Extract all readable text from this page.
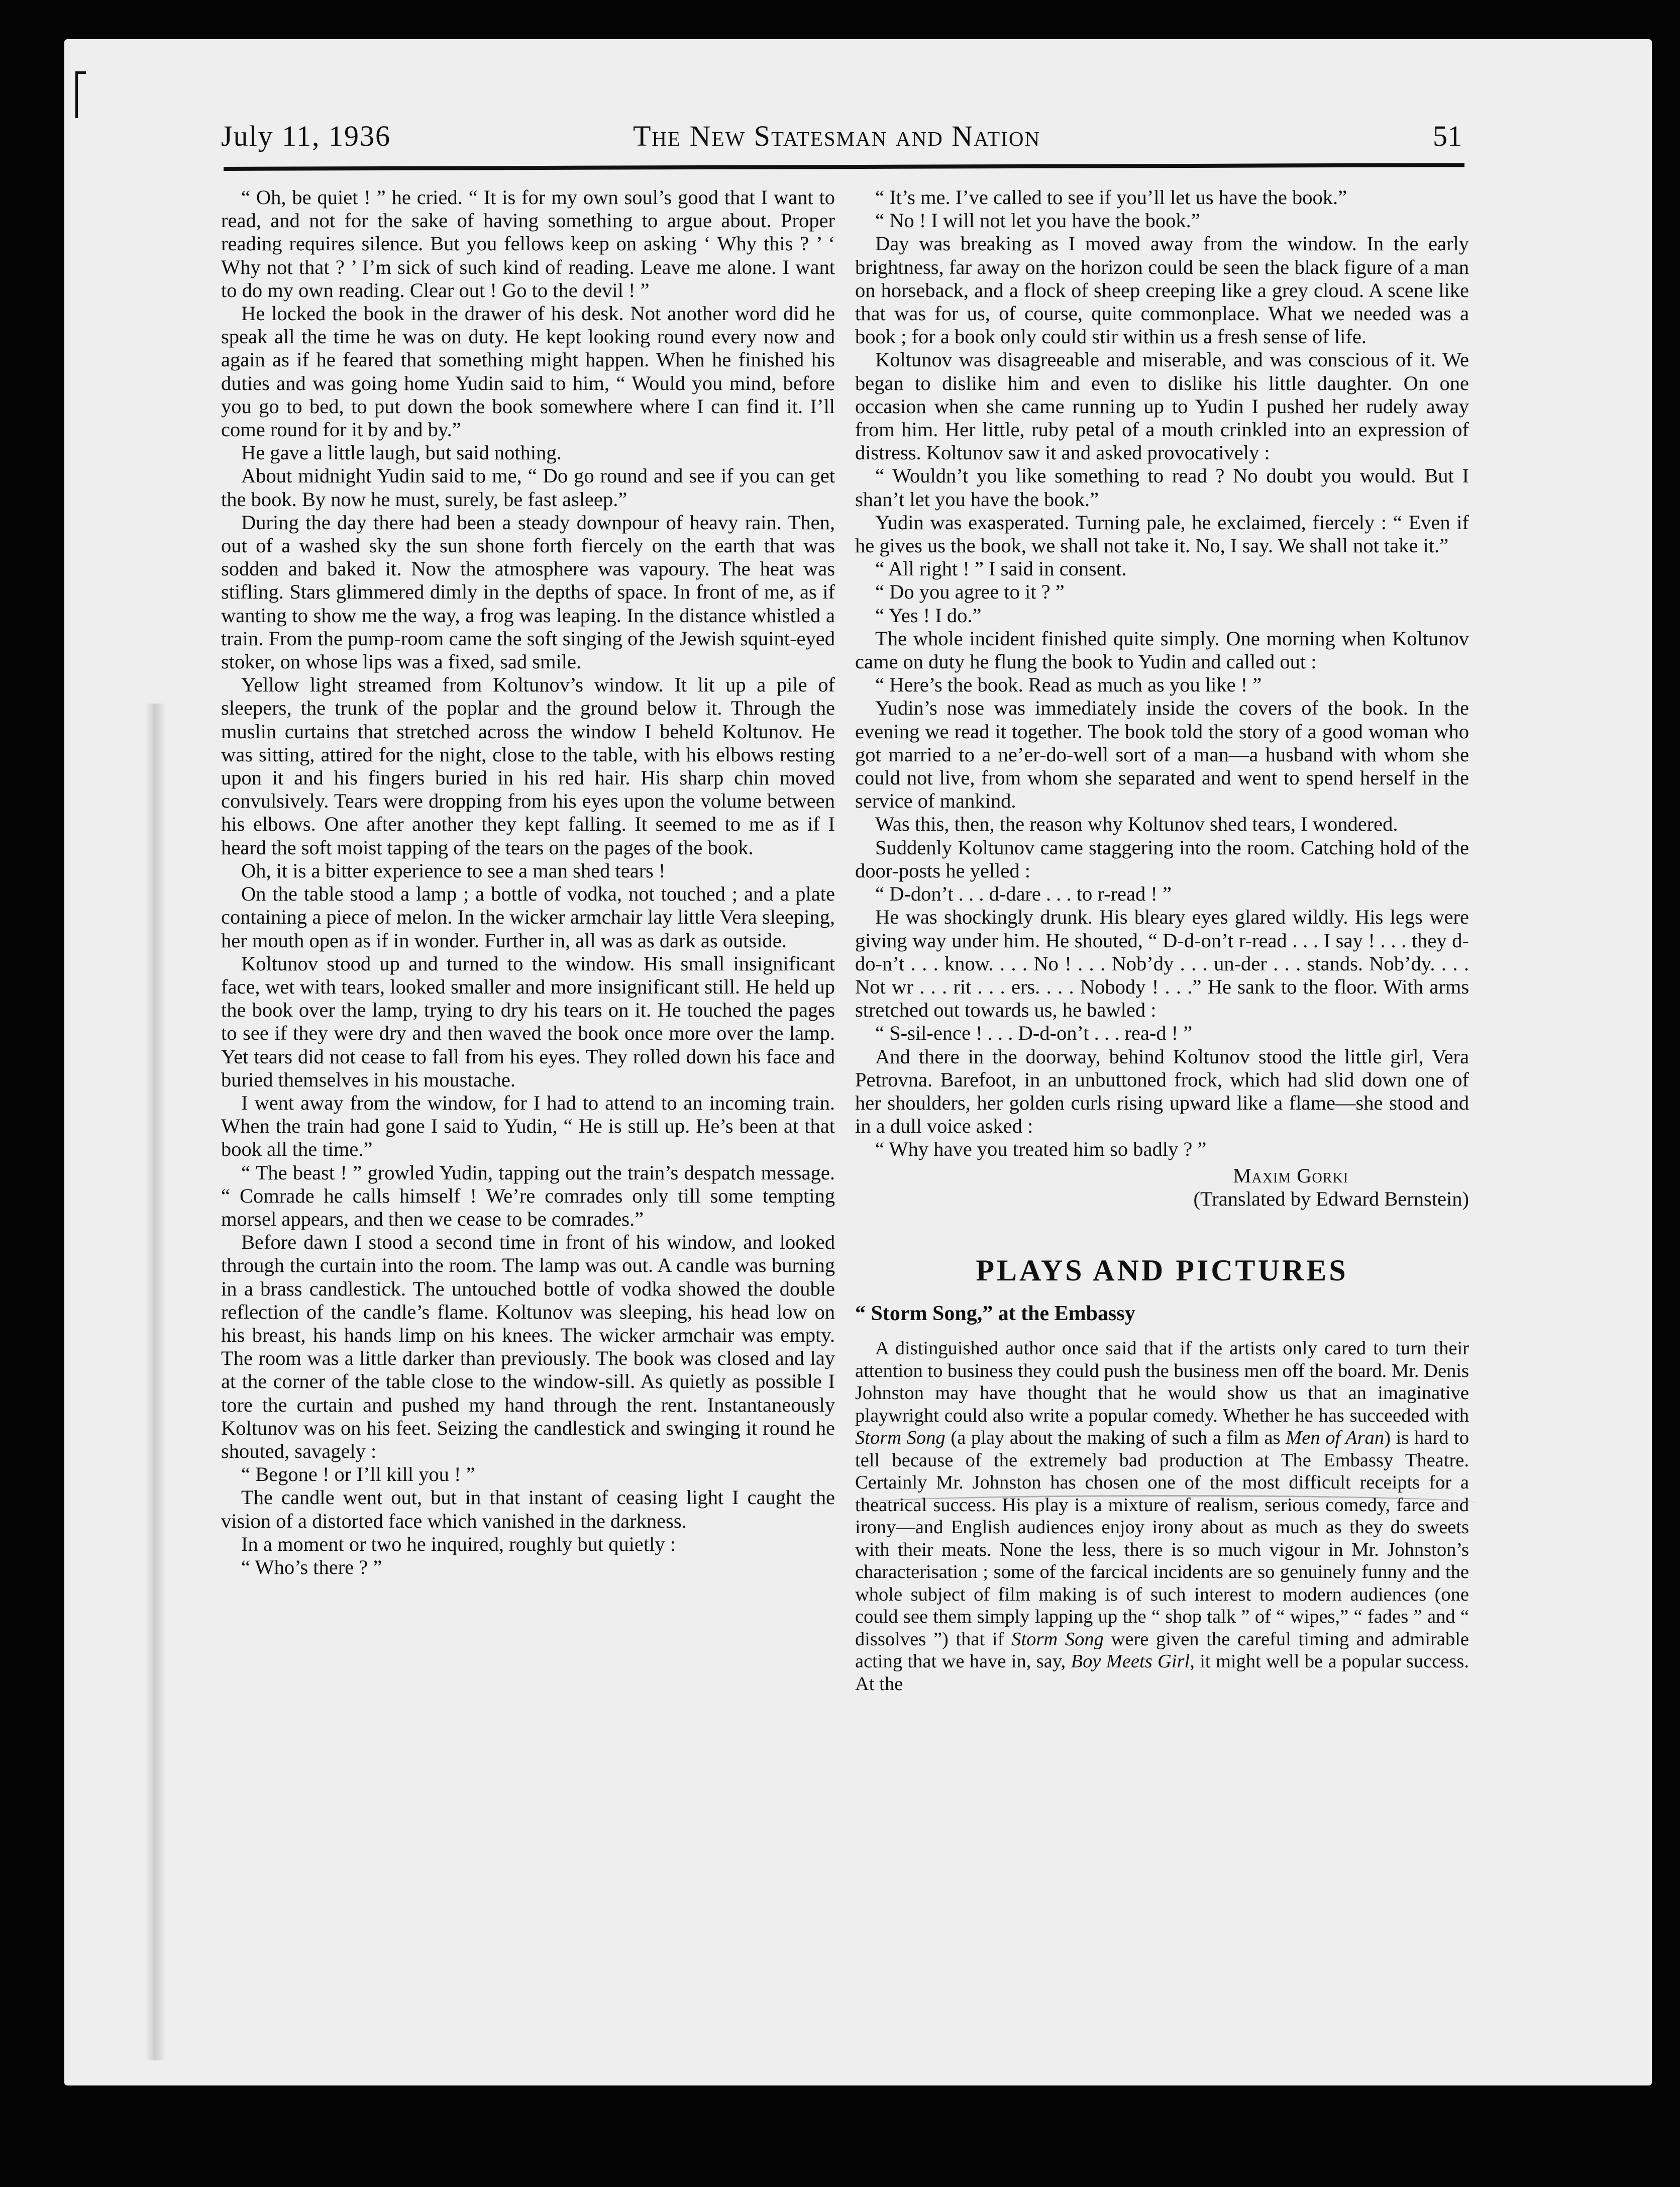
July 11, 1936	The New Statesman and Nation	51

“ Oh, be quiet ! ” he cried. “ It is for my own soul’s good that I want to read, and not for the sake of having something to argue about. Proper reading requires silence. But you fellows keep on asking ‘ Why this ? ’ ‘ Why not that ? ’ I’m sick of such kind of reading. Leave me alone. I want to do my own reading. Clear out ! Go to the devil ! ”

He locked the book in the drawer of his desk. Not another word did he speak all the time he was on duty. He kept looking round every now and again as if he feared that something might happen. When he finished his duties and was going home Yudin said to him, “ Would you mind, before you go to bed, to put down the book somewhere where I can find it. I’ll come round for it by and by.”

He gave a little laugh, but said nothing.

About midnight Yudin said to me, “ Do go round and see if you can get the book. By now he must, surely, be fast asleep.”

During the day there had been a steady downpour of heavy rain. Then, out of a washed sky the sun shone forth fiercely on the earth that was sodden and baked it. Now the atmosphere was vapoury. The heat was stifling. Stars glimmered dimly in the depths of space. In front of me, as if wanting to show me the way, a frog was leaping. In the distance whistled a train. From the pump-room came the soft singing of the Jewish squint-eyed stoker, on whose lips was a fixed, sad smile.

Yellow light streamed from Koltunov’s window. It lit up a pile of sleepers, the trunk of the poplar and the ground below it. Through the muslin curtains that stretched across the window I beheld Koltunov. He was sitting, attired for the night, close to the table, with his elbows resting upon it and his fingers buried in his red hair. His sharp chin moved convulsively. Tears were dropping from his eyes upon the volume between his elbows. One after another they kept falling. It seemed to me as if I heard the soft moist tapping of the tears on the pages of the book.

Oh, it is a bitter experience to see a man shed tears !

On the table stood a lamp ; a bottle of vodka, not touched ; and a plate containing a piece of melon. In the wicker armchair lay little Vera sleeping, her mouth open as if in wonder. Further in, all was as dark as outside.

Koltunov stood up and turned to the window. His small insignificant face, wet with tears, looked smaller and more insignificant still. He held up the book over the lamp, trying to dry his tears on it. He touched the pages to see if they were dry and then waved the book once more over the lamp. Yet tears did not cease to fall from his eyes. They rolled down his face and buried themselves in his moustache.

I went away from the window, for I had to attend to an incoming train. When the train had gone I said to Yudin, “ He is still up. He’s been at that book all the time.”

“ The beast ! ” growled Yudin, tapping out the train’s despatch message. “ Comrade he calls himself ! We’re comrades only till some tempting morsel appears, and then we cease to be comrades.”

Before dawn I stood a second time in front of his window, and looked through the curtain into the room. The lamp was out. A candle was burning in a brass candlestick. The untouched bottle of vodka showed the double reflection of the candle’s flame. Koltunov was sleeping, his head low on his breast, his hands limp on his knees. The wicker armchair was empty. The room was a little darker than previously. The book was closed and lay at the corner of the table close to the window-sill. As quietly as possible I tore the curtain and pushed my hand through the rent. Instantaneously Koltunov was on his feet. Seizing the candlestick and swinging it round he shouted, savagely :

“ Begone ! or I’ll kill you ! ”

The candle went out, but in that instant of ceasing light I caught the vision of a distorted face which vanished in the darkness.

In a moment or two he inquired, roughly but quietly :

“ Who’s there ? ”

“ It’s me. I’ve called to see if you’ll let us have the book.”

“ No ! I will not let you have the book.”

Day was breaking as I moved away from the window. In the early brightness, far away on the horizon could be seen the black figure of a man on horseback, and a flock of sheep creeping like a grey cloud. A scene like that was for us, of course, quite commonplace. What we needed was a book ; for a book only could stir within us a fresh sense of life.

Koltunov was disagreeable and miserable, and was conscious of it. We began to dislike him and even to dislike his little daughter. On one occasion when she came running up to Yudin I pushed her rudely away from him. Her little, ruby petal of a mouth crinkled into an expression of distress. Koltunov saw it and asked provocatively :

“ Wouldn’t you like something to read ? No doubt you would. But I shan’t let you have the book.”

Yudin was exasperated. Turning pale, he exclaimed, fiercely : “ Even if he gives us the book, we shall not take it. No, I say. We shall not take it.”

“ All right ! ” I said in consent.

“ Do you agree to it ? ”

“ Yes ! I do.”

The whole incident finished quite simply. One morning when Koltunov came on duty he flung the book to Yudin and called out :

“ Here’s the book. Read as much as you like ! ”

Yudin’s nose was immediately inside the covers of the book. In the evening we read it together. The book told the story of a good woman who got married to a ne’er-do-well sort of a man—a husband with whom she could not live, from whom she separated and went to spend herself in the service of mankind.

Was this, then, the reason why Koltunov shed tears, I wondered.

Suddenly Koltunov came staggering into the room. Catching hold of the door-posts he yelled :

“ D-don’t . . . d-dare . . . to r-read ! ”

He was shockingly drunk. His bleary eyes glared wildly. His legs were giving way under him. He shouted, “ D-d-on’t r-read . . . I say ! . . . they d-do-n’t . . . know. . . . No ! . . . Nob’dy . . . un-der . . . stands. Nob’dy. . . . Not wr . . . rit . . . ers. . . . Nobody ! . . .” He sank to the floor. With arms stretched out towards us, he bawled :

“ S-sil-ence ! . . . D-d-on’t . . . rea-d ! ”

And there in the doorway, behind Koltunov stood the little girl, Vera Petrovna. Barefoot, in an unbuttoned frock, which had slid down one of her shoulders, her golden curls rising upward like a flame—she stood and in a dull voice asked :

“ Why have you treated him so badly ? ”

Maxim Gorki
(Translated by Edward Bernstein)
PLAYS AND PICTURES
“ Storm Song,” at the Embassy

A distinguished author once said that if the artists only cared to turn their attention to business they could push the business men off the board. Mr. Denis Johnston may have thought that he would show us that an imaginative playwright could also write a popular comedy. Whether he has succeeded with Storm Song (a play about the making of such a film as Men of Aran) is hard to tell because of the extremely bad production at The Embassy Theatre. Certainly Mr. Johnston has chosen one of the most difficult receipts for a theatrical success. His play is a mixture of realism, serious comedy, farce and irony—and English audiences enjoy irony about as much as they do sweets with their meats. None the less, there is so much vigour in Mr. Johnston’s characterisation ; some of the farcical incidents are so genuinely funny and the whole subject of film making is of such interest to modern audiences (one could see them simply lapping up the “ shop talk ” of “ wipes,” “ fades ” and “ dissolves ”) that if Storm Song were given the careful timing and admirable acting that we have in, say, Boy Meets Girl, it might well be a popular success. At the
